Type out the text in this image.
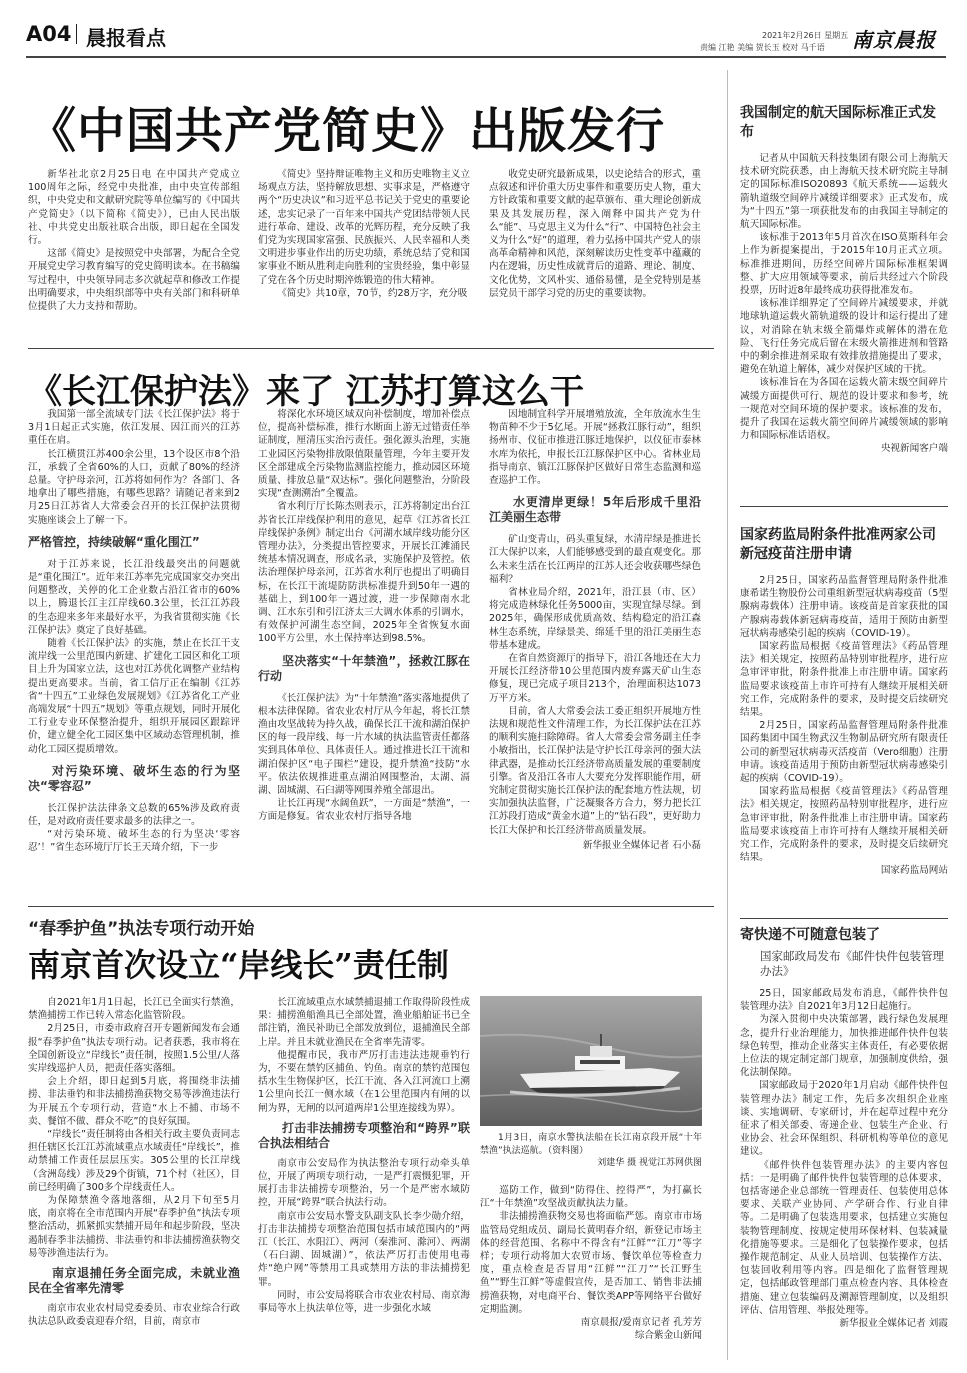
A04 晨报看点	2021年2月26日 星期五
责编 江艳 美编 贺长玉 校对 马千语 南京晨报
《中国共产党简史》出版发行

新华社北京2月25日电 在中国共产党成立100周年之际，经党中央批准，由中央宣传部组织，中央党史和文献研究院等单位编写的《中国共产党简史》（以下简称《简史》），已由人民出版社、中共党史出版社联合出版，即日起在全国发行。

这部《简史》是按照党中央部署，为配合全党开展党史学习教育编写的党史简明读本。在书稿编写过程中，中央领导同志多次就起草和修改工作提出明确要求，中央组织部等中央有关部门和科研单位提供了大力支持和帮助。

《简史》坚持辩证唯物主义和历史唯物主义立场观点方法，坚持解放思想、实事求是，严格遵守两个“历史决议”和习近平总书记关于党史的重要论述，忠实记录了一百年来中国共产党团结带领人民进行革命、建设、改革的光辉历程，充分反映了我们党为实现国家富强、民族振兴、人民幸福和人类文明进步事业作出的历史功绩，系统总结了党和国家事业不断从胜利走向胜利的宝贵经验，集中彰显了党在各个历史时期淬炼锻造的伟大精神。

《简史》共10章，70节，约28万字，充分吸

收党史研究最新成果，以史论结合的形式，重点叙述和评价重大历史事件和重要历史人物，重大方针政策和重要文献的起草颁布、重大理论创新成果及其发展历程，深入阐释中国共产党为什么“能”、马克思主义为什么“行”、中国特色社会主义为什么“好”的道理，着力弘扬中国共产党人的崇高革命精神和风范，深刻解读历史性变革中蕴藏的内在逻辑，历史性成就背后的道路、理论、制度、文化优势，文风朴实、通俗易懂，是全党特别是基层党员干部学习党的历史的重要读物。

《长江保护法》来了 江苏打算这么干

我国第一部全流域专门法《长江保护法》将于3月1日起正式实施，依江发展、因江而兴的江苏重任在肩。

长江横贯江苏400余公里，13个设区市8个沿江，承载了全省60%的人口，贡献了80%的经济总量。守护母亲河，江苏将如何作为？各部门、各地拿出了哪些措施，有哪些思路？请随记者来到2月25日江苏省人大常委会召开的长江保护法贯彻实施座谈会上了解一下。

严格管控，持续破解“重化围江”

对于江苏来说，长江沿线最突出的问题就是“重化围江”。近年来江苏率先完成国家交办突出问题整改，关停的化工企业数占沿江省市的60%以上，腾退长江主江岸线60.3公里，长江江苏段的生态迎来多年来最好水平，为我省贯彻实施《长江保护法》奠定了良好基础。

随着《长江保护法》的实施，禁止在长江干支流岸线一公里范围内新建、扩建化工园区和化工项目上升为国家立法，这也对江苏优化调整产业结构提出更高要求。当前，省工信厅正在编制《江苏省“十四五”工业绿色发展规划》《江苏省化工产业高端发展“十四五”规划》等重点规划，同时开展化工行业专业环保整治提升，组织开展园区跟踪评价，建立健全化工园区集中区域动态管理机制，推动化工园区提质增效。

对污染环境、破坏生态的行为坚决“零容忍”

长江保护法法律条文总数的65%涉及政府责任，是对政府责任要求最多的法律之一。

“对污染环境、破坏生态的行为坚决‘零容忍’！”省生态环境厅厅长王天琦介绍，下一步

将深化水环境区域双向补偿制度，增加补偿点位，提高补偿标准，推行水断面上游无过错责任举证制度，厘清压实治污责任。强化源头治理，实施工业园区污染物排放限值限量管理，今年主要开发区全部建成全污染物监测监控能力，推动园区环境质量、排放总量“双达标”。强化问题整治，分阶段实现“查测溯治”全覆盖。

省水利厅厅长陈杰则表示，江苏将制定出台江苏省长江岸线保护利用的意见，起草《江苏省长江岸线保护条例》制定出台《河湖水域岸线功能分区管理办法》，分类提出管控要求，开展长江滩涌民统基本情况调查，形成名录，实施保护及管控。依法治理保护母亲河，江苏省水利厅也提出了明确目标，在长江干流堤防防洪标准提升到50年一遇的基础上，到100年一遇过渡，进一步保障南水北调、江水东引和引江济太三大调水体系的引调水，有效保护河湖生态空间，2025年全省恢复水面100平方公里，水土保持率达到98.5%。

坚决落实“十年禁渔”，拯救江豚在行动

《长江保护法》为“十年禁渔”落实落地提供了根本法律保障。省农业农村厅从今年起，将长江禁渔由攻坚战转为持久战，确保长江干流和湖泊保护区的每一段岸线、每一片水域的执法监管责任都落实到具体单位、具体责任人。通过推进长江干流和湖泊保护区“电子围栏”建设，提升禁渔“技防”水平。依法依规推进重点湖泊网围整治，太湖、滆湖、固城湖、石臼湖等网围养殖全部退出。

让长江再现“水阔鱼跃”，一方面是“禁渔”，一方面是修复。省农业农村厅指导各地

因地制宜科学开展增殖放流，全年放流水生生物苗种不少于5亿尾。开展“拯救江豚行动”，组织扬州市、仪征市推进江豚迁地保护，以仪征市泰林水库为依托，申报长江江豚保护区中心。省林业局指导南京、镇江江豚保护区做好日常生态监测和巡查巡护工作。

水更清岸更绿！5年后形成千里沿江美丽生态带

矿山变青山，码头重复绿，水清岸绿是推进长江大保护以来，人们能够感受到的最直观变化。那么未来生活在长江两岸的江苏人还会收获哪些绿色福利？

省林业局介绍，2021年，沿江县（市、区）将完成造林绿化任务5000亩，实现宜绿尽绿。到2025年，确保形成优质高效、结构稳定的沿江森林生态系统，岸绿景美、绵延千里的沿江美丽生态带基本建成。

在省自然资源厅的指导下，沿江各地还在大力开展长江经济带10公里范围内废弃露天矿山生态修复，现已完成子项目213个，治理面积达1073万平方米。

目前，省人大常委会法工委正组织开展地方性法规和规范性文件清理工作，为长江保护法在江苏的顺利实施扫除障碍。省人大常委会常务副主任李小敏指出，长江保护法是守护长江母亲河的强大法律武器，是推动长江经济带高质量发展的重要制度引擎。省及沿江各市人大要充分发挥职能作用，研究制定贯彻实施长江保护法的配套地方性法规，切实加强执法监督，广泛凝聚各方合力，努力把长江江苏段打造成“黄金水道”上的“钻石段”，更好助力长江大保护和长江经济带高质量发展。

新华报业全媒体记者 石小磊
“春季护鱼”执法专项行动开始
南京首次设立“岸线长”责任制

自2021年1月1日起，长江已全面实行禁渔，禁渔捕捞工作已转入常态化监管阶段。

2月25日，市委市政府召开专题新闻发布会通报“春季护鱼”执法专项行动。记者获悉，我市将在全国创新设立“岸线长”责任制，按照1.5公里/人落实岸线巡护人员，把责任落实落细。

会上介绍，即日起到5月底，将围绕非法捕捞、非法垂钓和非法捕捞渔获物交易等涉渔违法行为开展五个专项行动，营造“水上不捕、市场不卖、餐馆不做、群众不吃”的良好氛围。

“岸线长”责任制将由各相关行政主要负责同志担任辖区长江江苏流域重点水域责任“岸线长”，推动禁捕工作责任层层压实。305公里的长江岸线（含洲岛线）涉及29个街镇，71个村（社区），目前已经明确了300多个岸线责任人。

为保障禁渔令落地落细，从2月下旬至5月底，南京将在全市范围内开展“春季护鱼”执法专项整治活动，抓紧抓实禁捕开局年和起步阶段，坚决遏制春季非法捕捞、非法垂钓和非法捕捞渔获物交易等涉渔违法行为。

南京退捕任务全面完成，未就业渔民在全省率先清零

南京市农业农村局党委委员、市农业综合行政执法总队政委袁迎春介绍，目前，南京市

长江流域重点水域禁捕退捕工作取得阶段性成果：捕捞渔船渔具已全部处置，渔业船舶证书已全部注销，渔民补助已全部发放到位，退捕渔民全部上岸。并且未就业渔民在全省率先清零。

他提醒市民，我市严厉打击违法违规垂钓行为，不要在禁钓区捕鱼、钓鱼。南京的禁钓范围包括水生生物保护区，长江干流、各入江河流口上溯1公里向长江一侧水域（在1公里范围内有闸的以闸为界，无闸的以河道两岸1公里连接线为界）。

打击非法捕捞专项整治和“跨界”联合执法相结合

南京市公安局作为执法整治专项行动牵头单位，开展了两项专项行动，一是严打震慑犯罪，开展打击非法捕捞专项整治，另一个是严密水域防控，开展“跨界”联合执法行动。

南京市公安局水警支队副支队长李少勋介绍，打击非法捕捞专项整治范围包括市域范围内的“两江（长江、水阳江）、两河（秦淮河、滁河）、两湖（石臼湖、固城湖）”，依法严厉打击使用电毒炸“绝户网”等禁用工具或禁用方法的非法捕捞犯罪。

同时，市公安局将联合市农业农村局、南京海事局等水上执法单位等，进一步强化水域

1月3日，南京水警执法船在长江南京段开展“十年禁渔”执法巡航。（资料图）

刘建华 摄 视觉江苏网供图

巡防工作，做到“防得住、控得严”，为打赢长江“十年禁渔”攻坚战贡献执法力量。

非法捕捞渔获物交易也将面临严惩。南京市市场监管局党组成员、副局长黄明春介绍，新登记市场主体的经营范围、名称中不得含有“江鲜”“江刀”等字样；专项行动将加大农贸市场、餐饮单位等检查力度，重点检查是否冒用“江鲜”“江刀”“长江野生鱼”“野生江鲜”等虚假宣传，是否加工、销售非法捕捞渔获物，对电商平台、餐饮类APP等网络平台做好定期监测。

南京晨报/爱南京记者 孔芳芳
综合紫金山新闻
我国制定的航天国际标准正式发布

记者从中国航天科技集团有限公司上海航天技术研究院获悉，由上海航天技术研究院主导制定的国际标准ISO20893《航天系统——运载火箭轨道级空间碎片减缓详细要求》正式发布，成为“十四五”第一项获批发布的由我国主导制定的航天国际标准。

该标准于2013年5月首次在ISO莫斯科年会上作为新提案提出，于2015年10月正式立项。标准推进期间，历经空间碎片国际标准框架调整、扩大应用领域等要求，前后共经过六个阶段投票，历时近8年最终成功获得批准发布。

该标准详细界定了空间碎片减缓要求，并就地球轨道运载火箭轨道级的设计和运行提出了建议，对消除在轨末级全箭爆炸或解体的潜在危险、飞行任务完成后留在末级火箭推进剂和管路中的剩余推进剂采取有效排放措施提出了要求，避免在轨道上解体，减少对保护区域的干扰。

该标准旨在为各国在运载火箭末级空间碎片减缓方面提供可行、规范的设计要求和参考，统一规范对空间环境的保护要求。该标准的发布，提升了我国在运载火箭空间碎片减缓领域的影响力和国际标准话语权。

央视新闻客户端
国家药监局附条件批准两家公司新冠疫苗注册申请

2月25日，国家药品监督管理局附条件批准康希诺生物股份公司重组新型冠状病毒疫苗（5型腺病毒载体）注册申请。该疫苗是首家获批的国产腺病毒载体新冠病毒疫苗，适用于预防由新型冠状病毒感染引起的疾病（COVID-19）。

国家药监局根据《疫苗管理法》《药品管理法》相关规定，按照药品特别审批程序，进行应急审评审批，附条件批准上市注册申请。国家药监局要求该疫苗上市许可持有人继续开展相关研究工作，完成附条件的要求，及时提交后续研究结果。

2月25日，国家药品监督管理局附条件批准国药集团中国生物武汉生物制品研究所有限责任公司的新型冠状病毒灭活疫苗（Vero细胞）注册申请。该疫苗适用于预防由新型冠状病毒感染引起的疾病（COVID-19）。

国家药监局根据《疫苗管理法》《药品管理法》相关规定，按照药品特别审批程序，进行应急审评审批，附条件批准上市注册申请。国家药监局要求该疫苗上市许可持有人继续开展相关研究工作，完成附条件的要求，及时提交后续研究结果。

国家药监局网站
寄快递不可随意包装了
国家邮政局发布《邮件快件包装管理办法》

25日，国家邮政局发布消息，《邮件快件包装管理办法》自2021年3月12日起施行。

为深入贯彻中央决策部署，践行绿色发展理念，提升行业治理能力，加快推进邮件快件包装绿色转型，推动企业落实主体责任，有必要依据上位法的规定制定部门规章，加强制度供给，强化法制保障。

国家邮政局于2020年1月启动《邮件快件包装管理办法》制定工作，先后多次组织企业座谈、实地调研、专家研讨，并在起草过程中充分征求了相关部委、寄递企业、包装生产企业、行业协会、社会环保组织、科研机构等单位的意见建议。

《邮件快件包装管理办法》的主要内容包括：一是明确了邮件快件包装管理的总体要求，包括寄递企业总部统一管理责任、包装使用总体要求、关联产业协同、产学研合作、行业自律等。二是明确了包装选用要求，包括建立实施包装物管理制度、按规定使用环保材料、包装减量化措施等要求。三是细化了包装操作要求，包括操作规范制定、从业人员培训、包装操作方法、包装回收利用等内容。四是细化了监督管理规定，包括邮政管理部门重点检查内容、具体检查措施、建立包装编码及溯源管理制度，以及组织评估、信用管理、举报处理等。

新华报业全媒体记者 刘霞
